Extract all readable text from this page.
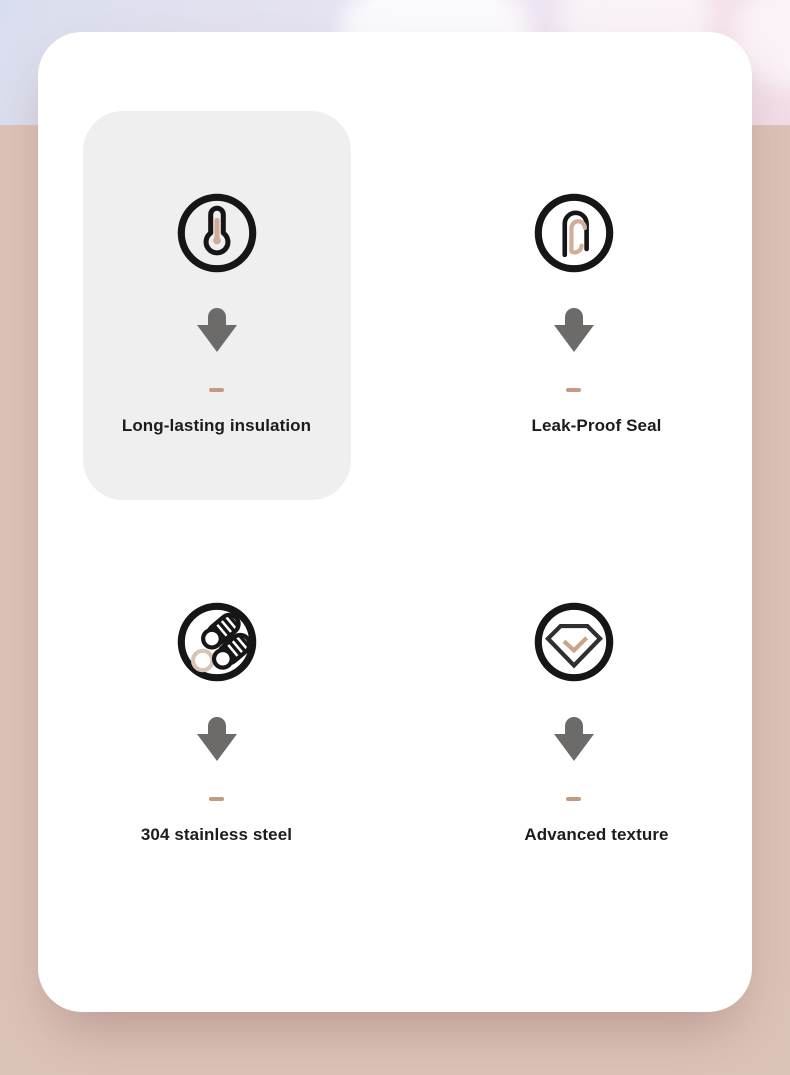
Long-lasting insulation	Leak-Proof Seal
304 stainless steel	Advanced texture
